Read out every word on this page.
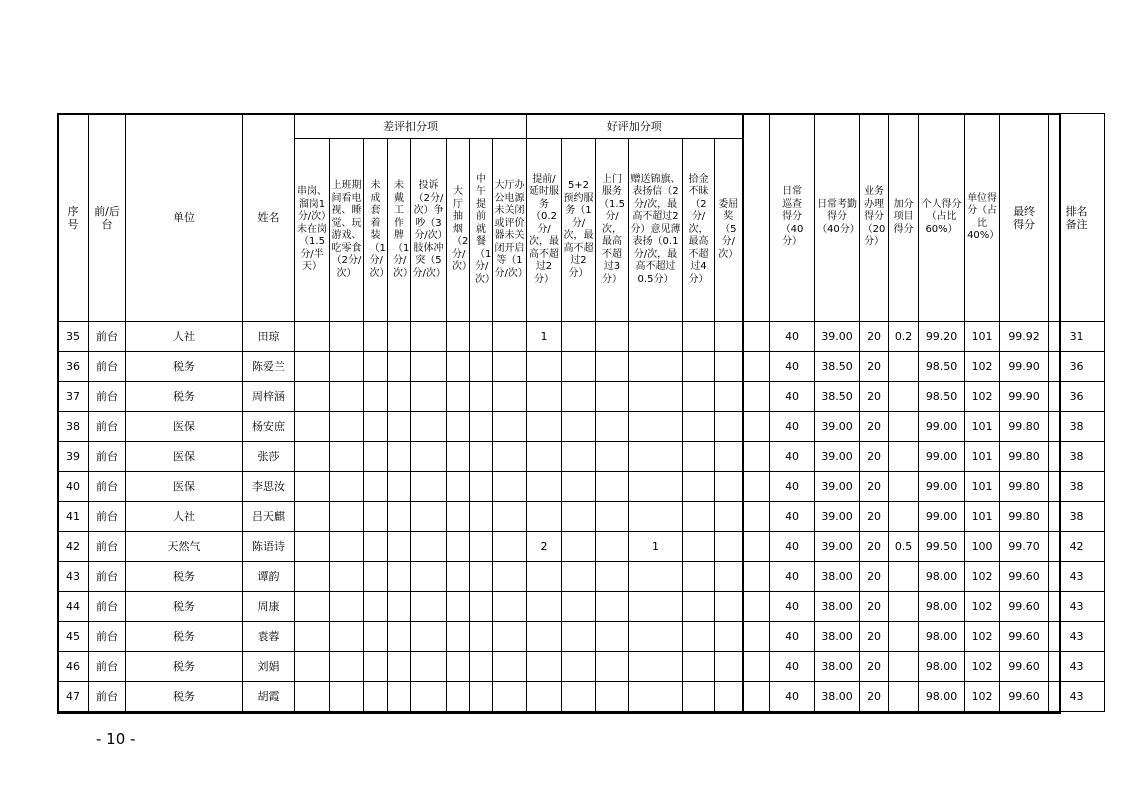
序号	前/后台	单位	姓名	差评扣分项								好评加分项							日常巡查得分（40分）	日常考勤得分（40分）	业务办理得分（20分）	加分项目得分	个人得分（占比60%）	单位得分（占比40%）	最终得分	排名备注
				串岗、溜岗1分/次）未在岗（1.5分/半天）	上班期间看电视、睡觉、玩游戏、吃零食（2分/次）	未成套着装（1分/次）	未戴工作牌（1分/次）	投诉（2分/次）争吵（3分/次）肢体冲突（5分/次）	大厅抽烟（2分/次）	中午提前就餐（1分/次）	大厅办公电源未关闭或评价器未关闭开启等（1分/次）	提前/延时服务（0.2分/次，最高不超过2分）	5+2预约服务（1分/次，最高不超过2分）	上门服务（1.5分/次，最高不超过3分）	赠送锦旗、表扬信（2分/次，最高不超过2分）意见薄表扬（0.1分/次，最高不超过0.5分）	拾金不昧（2分/次，最高不超过4分）	委屈奖（5分/次）									
35	前台	人社	田琼									1							40	39.00	20	0.2	99.20	101	99.92	31
36	前台	税务	陈爱兰																40	38.50	20		98.50	102	99.90	36
37	前台	税务	周梓涵																40	38.50	20		98.50	102	99.90	36
38	前台	医保	杨安庶																40	39.00	20		99.00	101	99.80	38
39	前台	医保	张莎																40	39.00	20		99.00	101	99.80	38
40	前台	医保	李思汝																40	39.00	20		99.00	101	99.80	38
41	前台	人社	吕天麒																40	39.00	20		99.00	101	99.80	38
42	前台	天然气	陈语诗									2			1				40	39.00	20	0.5	99.50	100	99.70	42
43	前台	税务	谭韵																40	38.00	20		98.00	102	99.60	43
44	前台	税务	周康																40	38.00	20		98.00	102	99.60	43
45	前台	税务	袁蓉																40	38.00	20		98.00	102	99.60	43
46	前台	税务	刘娟																40	38.00	20		98.00	102	99.60	43
47	前台	税务	胡霞																40	38.00	20		98.00	102	99.60	43
- 10 -
